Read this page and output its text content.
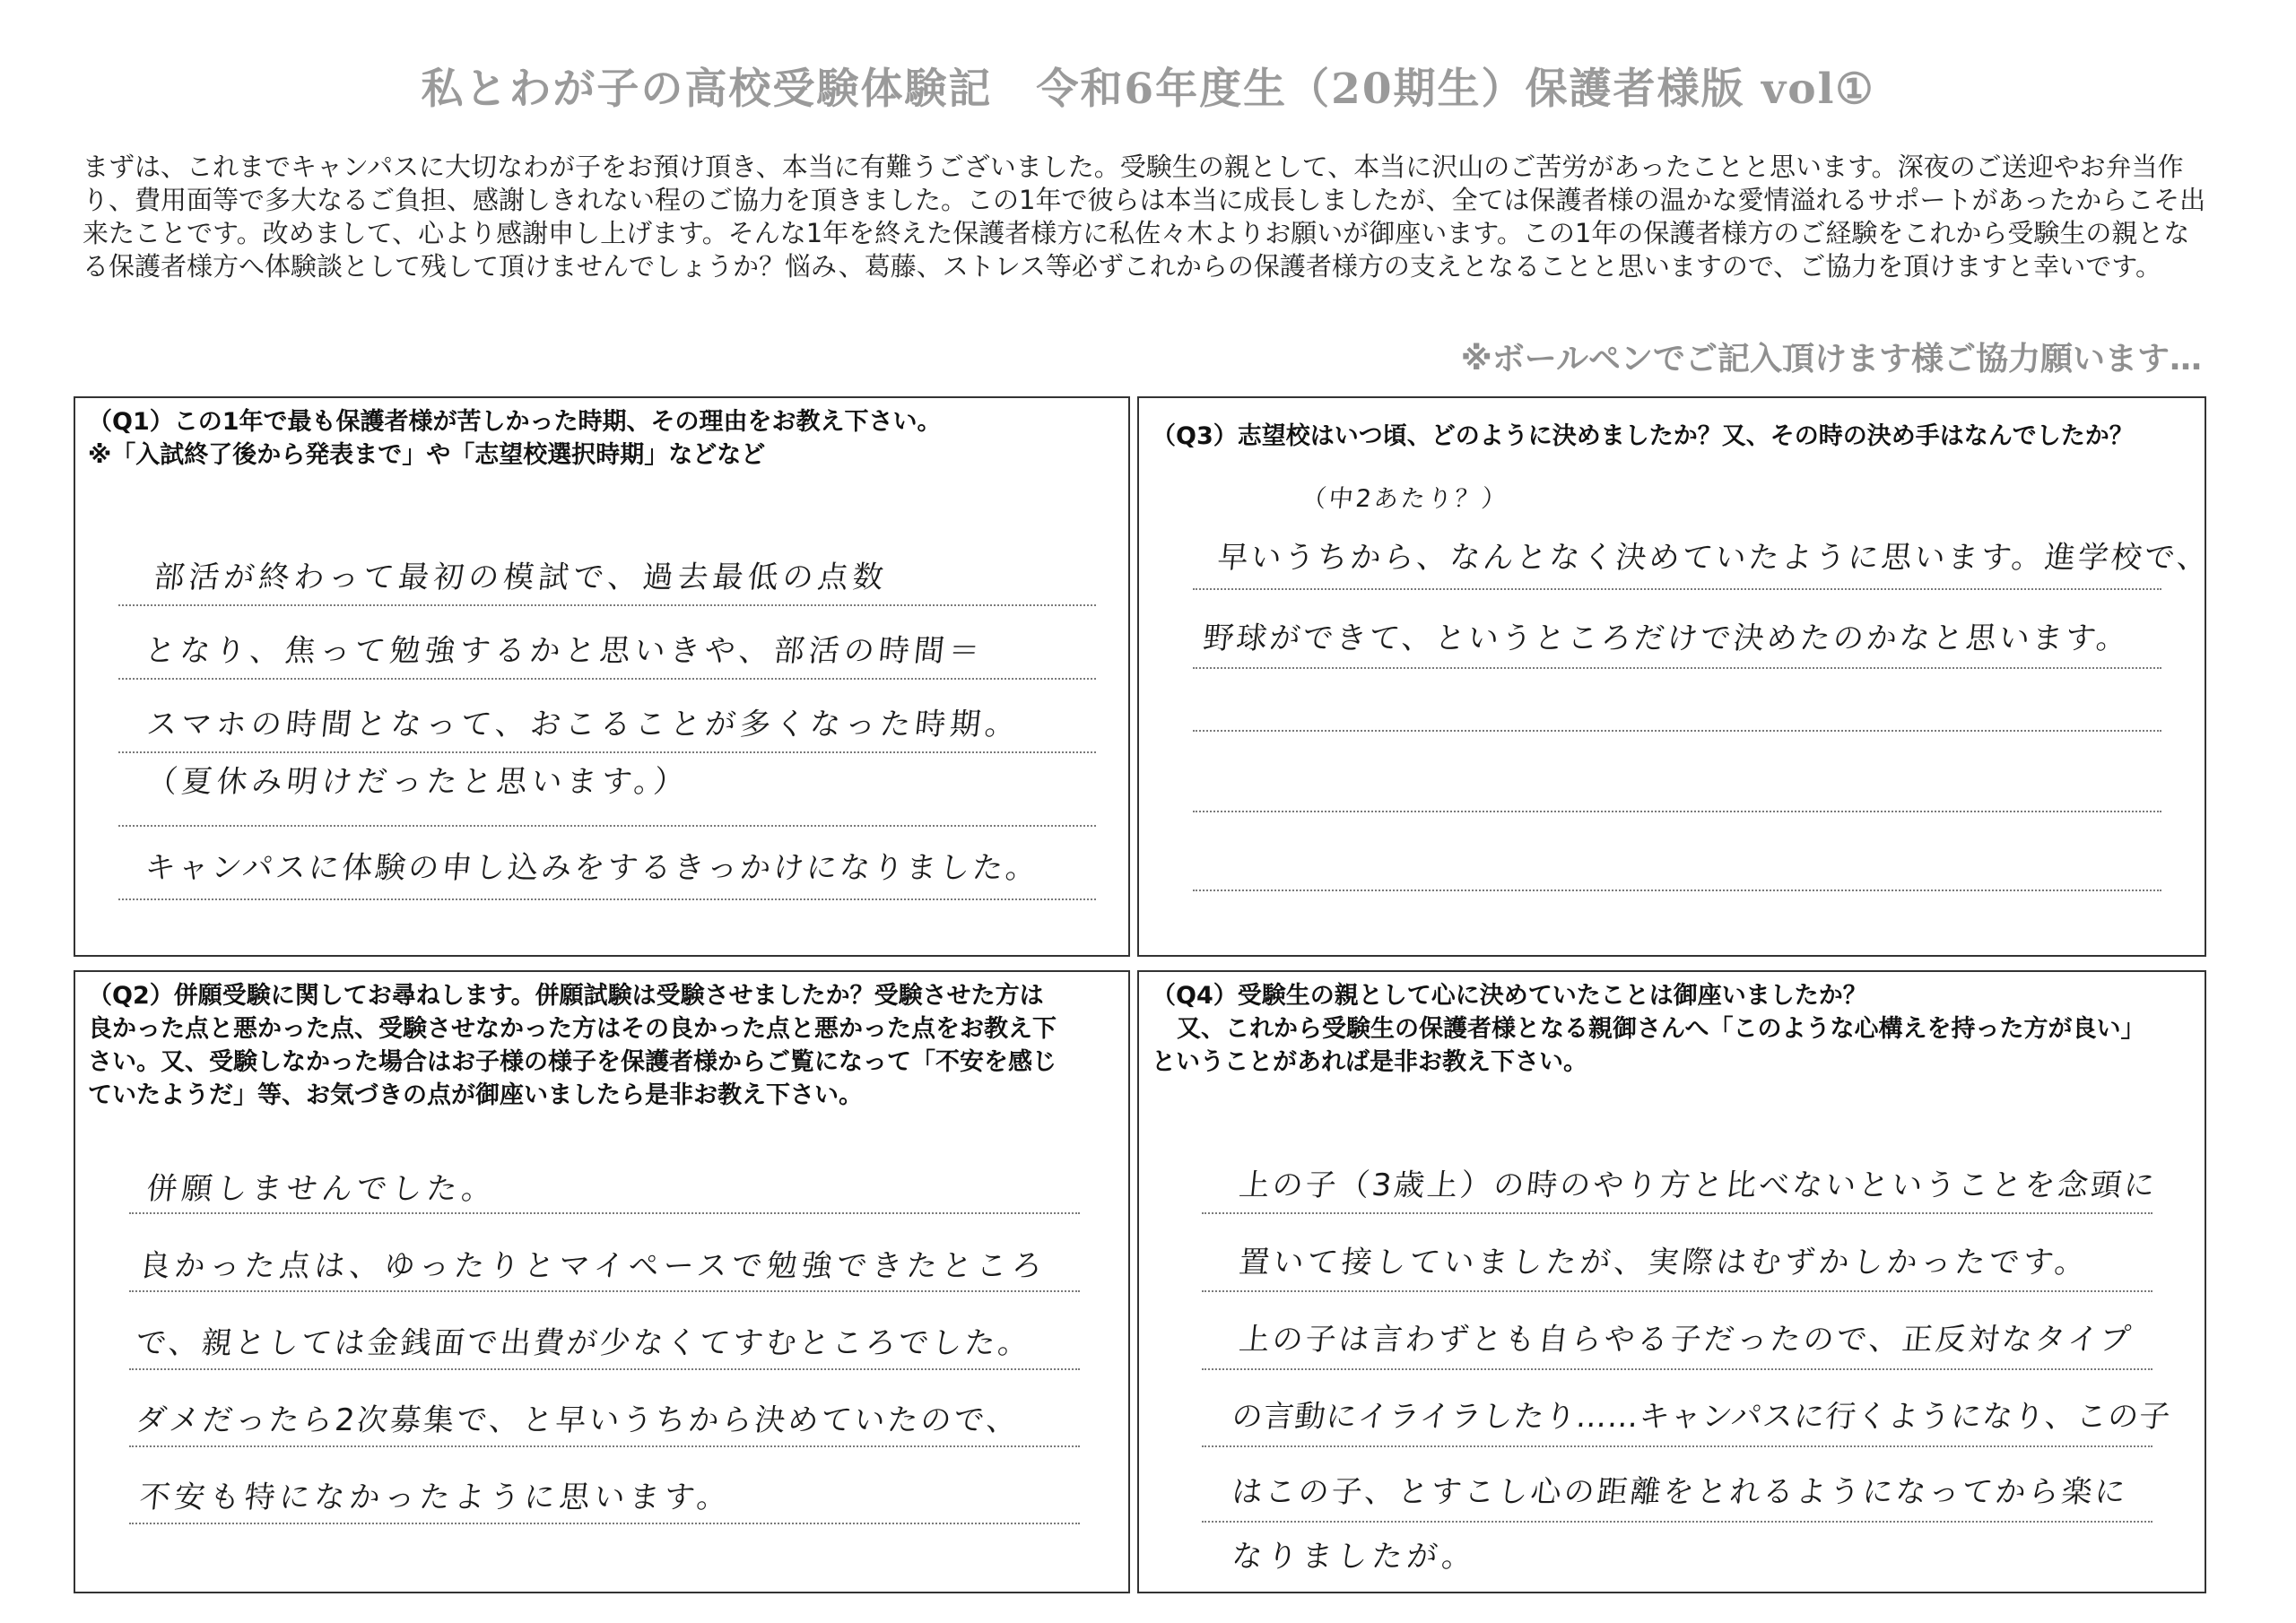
私とわが子の高校受験体験記　令和6年度生（20期生）保護者様版 vol①

まずは、これまでキャンパスに大切なわが子をお預け頂き、本当に有難うございました。受験生の親として、本当に沢山のご苦労があったことと思います。深夜のご送迎やお弁当作り、費用面等で多大なるご負担、感謝しきれない程のご協力を頂きました。この1年で彼らは本当に成長しましたが、全ては保護者様の温かな愛情溢れるサポートがあったからこそ出来たことです。改めまして、心より感謝申し上げます。そんな1年を終えた保護者様方に私佐々木よりお願いが御座います。この1年の保護者様方のご経験をこれから受験生の親となる保護者様方へ体験談として残して頂けませんでしょうか？悩み、葛藤、ストレス等必ずこれからの保護者様方の支えとなることと思いますので、ご協力を頂けますと幸いです。

※ボールペンでご記入頂けます様ご協力願います…

（Q1）この1年で最も保護者様が苦しかった時期、その理由をお教え下さい。

※「入試終了後から発表まで」や「志望校選択時期」などなど

部活が終わって最初の模試で、過去最低の点数
となり、焦って勉強するかと思いきや、部活の時間＝
スマホの時間となって、おこることが多くなった時期。
（夏休み明けだったと思います。）
キャンパスに体験の申し込みをするきっかけになりました。

（Q3）志望校はいつ頃、どのように決めましたか？又、その時の決め手はなんでしたか？

（中2あたり？）
早いうちから、なんとなく決めていたように思います。進学校で、
野球ができて、というところだけで決めたのかなと思います。

（Q2）併願受験に関してお尋ねします。併願試験は受験させましたか？受験させた方は

良かった点と悪かった点、受験させなかった方はその良かった点と悪かった点をお教え下

さい。又、受験しなかった場合はお子様の様子を保護者様からご覧になって「不安を感じ

ていたようだ」等、お気づきの点が御座いましたら是非お教え下さい。

併願しませんでした。
良かった点は、ゆったりとマイペースで勉強できたところ
で、親としては金銭面で出費が少なくてすむところでした。
ダメだったら2次募集で、と早いうちから決めていたので、
不安も特になかったように思います。

（Q4）受験生の親として心に決めていたことは御座いましたか？

又、これから受験生の保護者様となる親御さんへ「このような心構えを持った方が良い」

ということがあれば是非お教え下さい。

上の子（3歳上）の時のやり方と比べないということを念頭に
置いて接していましたが、実際はむずかしかったです。
上の子は言わずとも自らやる子だったので、正反対なタイプ
の言動にイライラしたり……キャンパスに行くようになり、この子
はこの子、とすこし心の距離をとれるようになってから楽に
なりましたが。
